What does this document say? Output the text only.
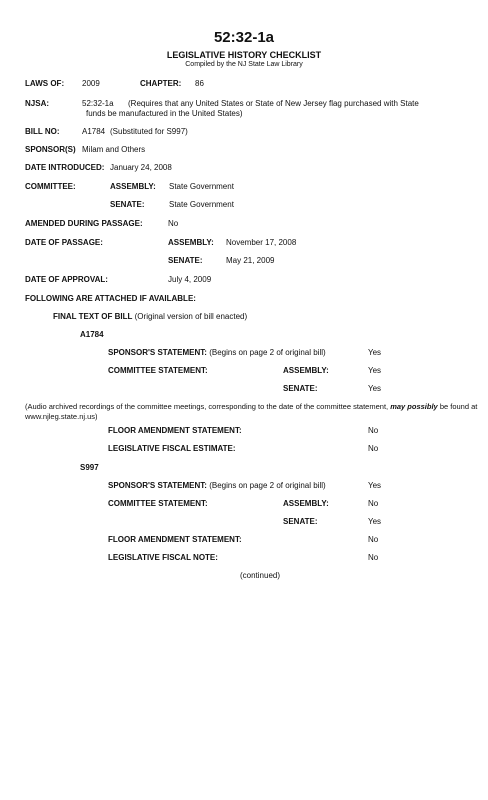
52:32-1a
LEGISLATIVE HISTORY CHECKLIST
Compiled by the NJ State Law Library
LAWS OF: 2009	CHAPTER: 86
NJSA:	52:32-1a	(Requires that any United States or State of New Jersey flag purchased with State funds be manufactured in the United States)
BILL NO:	A1784 (Substituted for S997)
SPONSOR(S) Milam and Others
DATE INTRODUCED: January 24, 2008
COMMITTEE:	ASSEMBLY: State Government
SENATE:	State Government
AMENDED DURING PASSAGE:	No
DATE OF PASSAGE:	ASSEMBLY: November 17, 2008
SENATE:	May 21, 2009
DATE OF APPROVAL:	July 4, 2009
FOLLOWING ARE ATTACHED IF AVAILABLE:
FINAL TEXT OF BILL (Original version of bill enacted)
A1784
SPONSOR'S STATEMENT: (Begins on page 2 of original bill)	Yes
COMMITTEE STATEMENT:	ASSEMBLY:	Yes
SENATE:	Yes
(Audio archived recordings of the committee meetings, corresponding to the date of the committee statement, may possibly be found at www.njleg.state.nj.us)
FLOOR AMENDMENT STATEMENT:	No
LEGISLATIVE FISCAL ESTIMATE:	No
S997
SPONSOR'S STATEMENT: (Begins on page 2 of original bill)	Yes
COMMITTEE STATEMENT:	ASSEMBLY:	No
SENATE:	Yes
FLOOR AMENDMENT STATEMENT:	No
LEGISLATIVE FISCAL NOTE:	No
(continued)
